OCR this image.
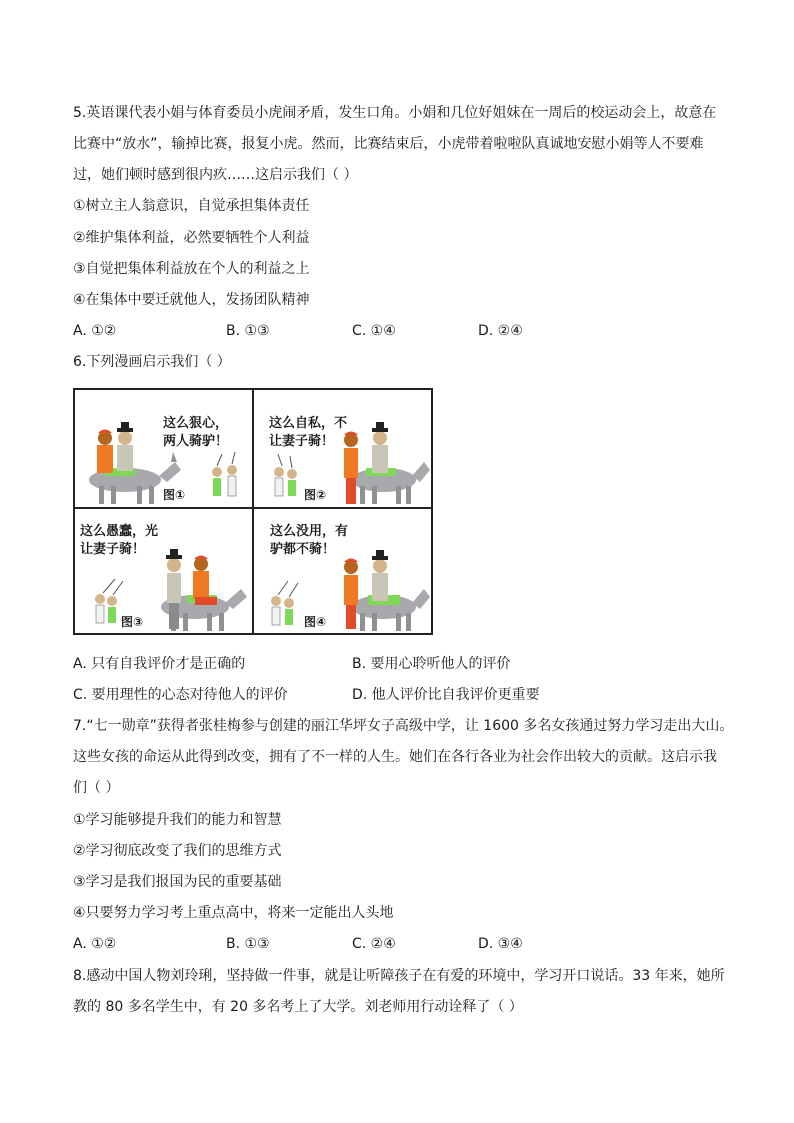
5.英语课代表小娟与体育委员小虎闹矛盾，发生口角。小娟和几位好姐妹在一周后的校运动会上，故意在
比赛中“放水”，输掉比赛，报复小虎。然而，比赛结束后，小虎带着啦啦队真诚地安慰小娟等人不要难
过，她们顿时感到很内疚……这启示我们（ ）
①树立主人翁意识，自觉承担集体责任
②维护集体利益，必然要牺牲个人利益
③自觉把集体利益放在个人的利益之上
④在集体中要迁就他人，发扬团队精神
A. ①②	B. ①③	C. ①④	D. ②④
6.下列漫画启示我们（ ）
这么狠心，
两人骑驴！
图①
这么自私，不
让妻子骑！
图②
这么愚蠢，光
让妻子骑！
图③
这么没用，有
驴都不骑！
图④
A. 只有自我评价才是正确的	B. 要用心聆听他人的评价
C. 要用理性的心态对待他人的评价	D. 他人评价比自我评价更重要
7.“七一勋章”获得者张桂梅参与创建的丽江华坪女子高级中学，让 1600 多名女孩通过努力学习走出大山。
这些女孩的命运从此得到改变，拥有了不一样的人生。她们在各行各业为社会作出较大的贡献。这启示我
们（ ）
①学习能够提升我们的能力和智慧
②学习彻底改变了我们的思维方式
③学习是我们报国为民的重要基础
④只要努力学习考上重点高中，将来一定能出人头地
A. ①②	B. ①③	C. ②④	D. ③④
8.感动中国人物刘玲琍，坚持做一件事，就是让听障孩子在有爱的环境中，学习开口说话。33 年来，她所
教的 80 多名学生中，有 20 多名考上了大学。刘老师用行动诠释了（ ）
